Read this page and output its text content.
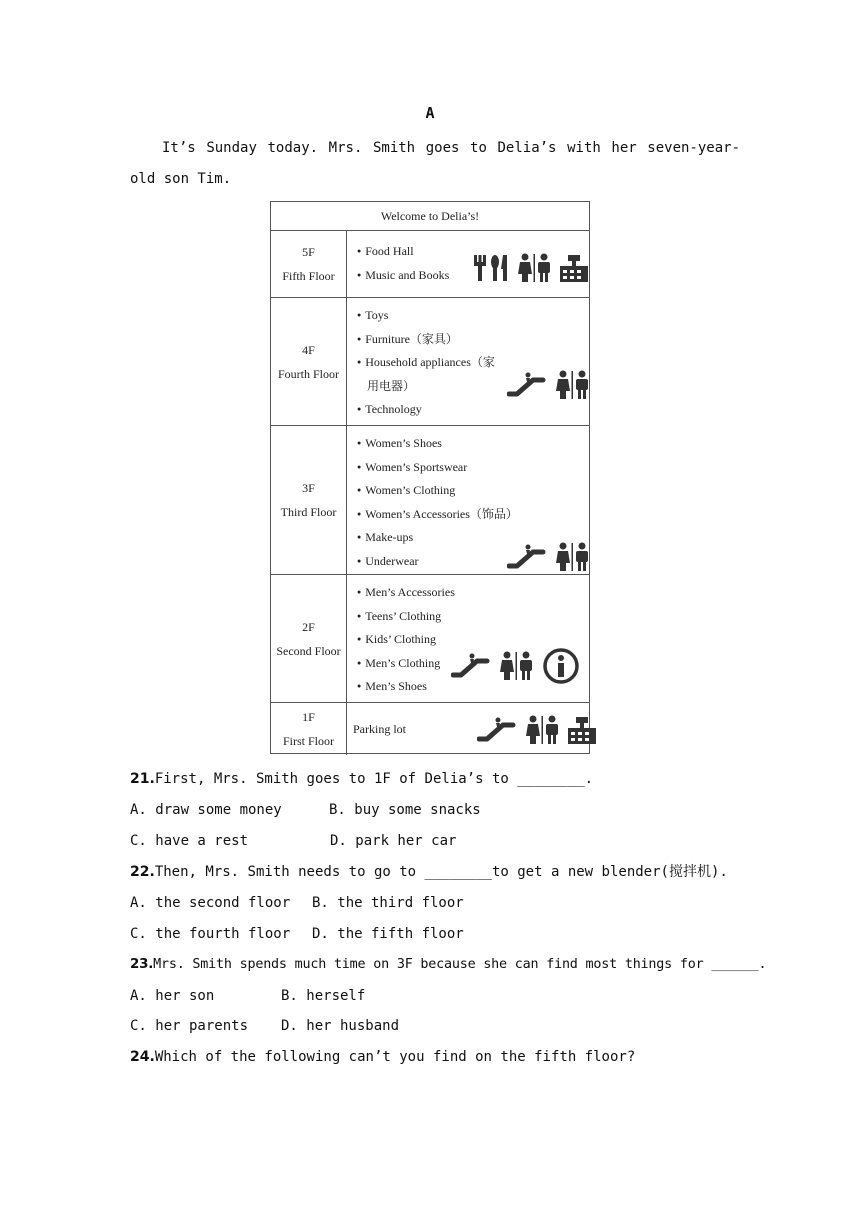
A
It’s Sunday today. Mrs. Smith goes to Delia’s with her seven-year-old son Tim.
Welcome to Delia’s!
5F
Fifth Floor
● Food Hall
● Music and Books
4F
Fourth Floor
● Toys
● Furniture（家具）
● Household appliances（家
用电器）
● Technology
3F
Third Floor
● Women’s Shoes
● Women’s Sportswear
● Women’s Clothing
● Women’s Accessories（饰品）
● Make-ups
● Underwear
2F
Second Floor
● Men’s Accessories
● Teens’ Clothing
● Kids’ Clothing
● Men’s Clothing
● Men’s Shoes
1F
First Floor
Parking lot
21.First, Mrs. Smith goes to 1F of Delia’s to ________.
A. draw some money	B. buy some snacks
C. have a rest	D. park her car
22.Then, Mrs. Smith needs to go to ________to get a new blender(搅拌机).
A. the second floor B. the third floor
C. the fourth floor D. the fifth floor
23.Mrs. Smith spends much time on 3F because she can find most things for ______.
A. her son	B. herself
C. her parents D. her husband
24.Which of the following can’t you find on the fifth floor?
